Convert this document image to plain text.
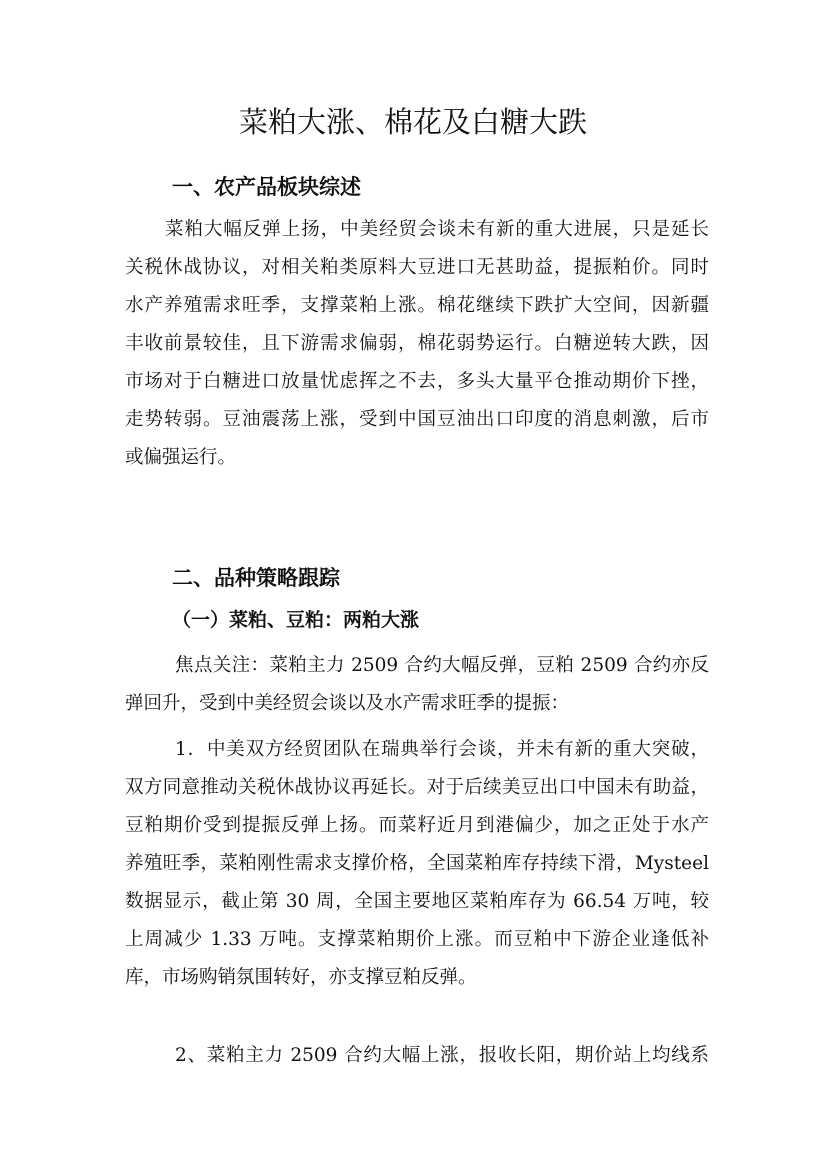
菜粕大涨、棉花及白糖大跌
一、农产品板块综述
菜粕大幅反弹上扬，中美经贸会谈未有新的重大进展，只是延长
关税休战协议，对相关粕类原料大豆进口无甚助益，提振粕价。同时
水产养殖需求旺季，支撑菜粕上涨。棉花继续下跌扩大空间，因新疆
丰收前景较佳，且下游需求偏弱，棉花弱势运行。白糖逆转大跌，因
市场对于白糖进口放量忧虑挥之不去，多头大量平仓推动期价下挫，
走势转弱。豆油震荡上涨，受到中国豆油出口印度的消息刺激，后市
或偏强运行。
二、品种策略跟踪
（一）菜粕、豆粕：两粕大涨
焦点关注：菜粕主力 2509 合约大幅反弹，豆粕 2509 合约亦反
弹回升，受到中美经贸会谈以及水产需求旺季的提振：
1．中美双方经贸团队在瑞典举行会谈，并未有新的重大突破，
双方同意推动关税休战协议再延长。对于后续美豆出口中国未有助益，
豆粕期价受到提振反弹上扬。而菜籽近月到港偏少，加之正处于水产
养殖旺季，菜粕刚性需求支撑价格，全国菜粕库存持续下滑，Mysteel
数据显示，截止第 30 周，全国主要地区菜粕库存为 66.54 万吨，较
上周减少 1.33 万吨。支撑菜粕期价上涨。而豆粕中下游企业逢低补
库，市场购销氛围转好，亦支撑豆粕反弹。
2、菜粕主力 2509 合约大幅上涨，报收长阳，期价站上均线系
